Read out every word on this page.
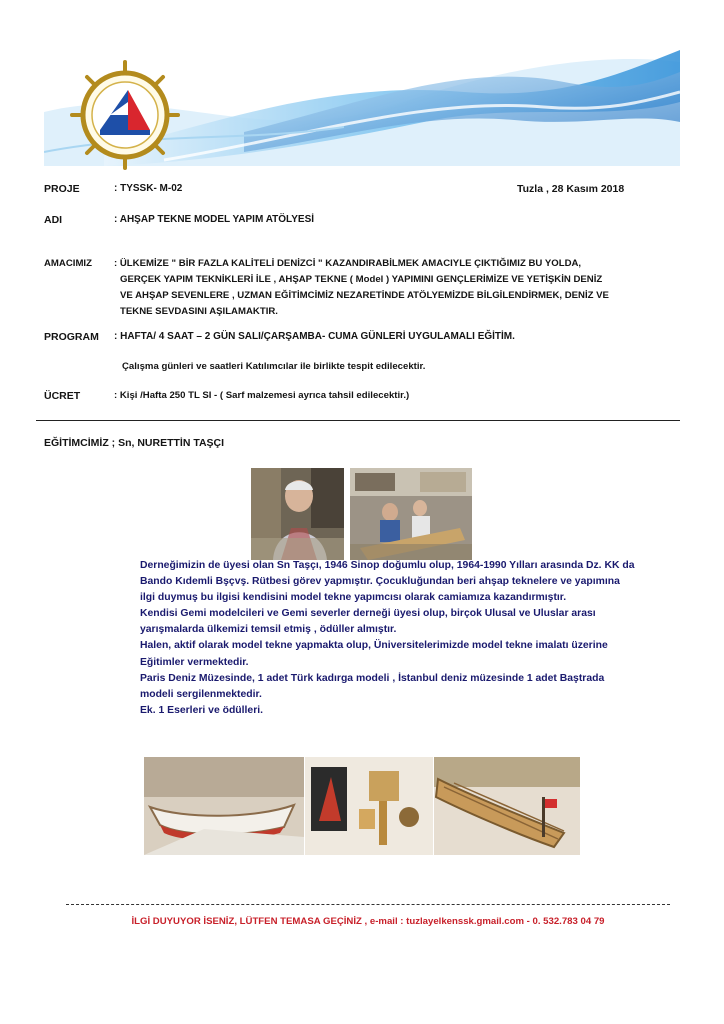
PROJE	: TYSSK- M-02	Tuzla , 28 Kasım 2018
ADI	: AHŞAP TEKNE MODEL YAPIM ATÖLYESİ
AMACIMIZ : ÜLKEMİZE " BİR FAZLA KALİTELİ DENİZCİ " KAZANDIRABİLMEK AMACIYLE ÇIKTIĞIMIZ BU YOLDA,
GERÇEK YAPIM TEKNİKLERİ İLE , AHŞAP TEKNE ( Model ) YAPIMINI GENÇLERİMİZE VE YETİŞKİN DENİZ
VE AHŞAP SEVENLERE , UZMAN EĞİTİMCİMİZ NEZARETİNDE ATÖLYEMİZDE BİLGİLENDİRMEK, DENİZ VE
TEKNE SEVDASINI AŞILAMAKTIR.
PROGRAM : HAFTA/ 4 SAAT – 2 GÜN SALI/ÇARŞAMBA- CUMA GÜNLERİ UYGULAMALI EĞİTİM.
Çalışma günleri ve saatleri Katılımcılar ile birlikte tespit edilecektir.
ÜCRET	: Kişi /Hafta 250 TL SI - ( Sarf malzemesi ayrıca tahsil edilecektir.)
EĞİTİMCİMİZ ; Sn, NURETTİN TAŞÇI
Derneğimizin de üyesi olan Sn Taşçı, 1946 Sinop doğumlu olup, 1964-1990 Yılları arasında Dz. KK da
Bando Kıdemli Bşçvş. Rütbesi görev yapmıştır. Çocukluğundan beri ahşap teknelere ve yapımına
ilgi duymuş bu ilgisi kendisini model tekne yapımcısı olarak camiamıza kazandırmıştır.
Kendisi Gemi modelcileri ve Gemi severler derneği üyesi olup, birçok Ulusal ve Uluslar arası
yarışmalarda ülkemizi temsil etmiş , ödüller almıştır.
Halen, aktif olarak model tekne yapmakta olup, Üniversitelerimizde model tekne imalatı üzerine
Eğitimler vermektedir.
Paris Deniz Müzesinde, 1 adet Türk kadırga modeli , İstanbul deniz müzesinde 1 adet Baştrada
modeli sergilenmektedir.
Ek. 1 Eserleri ve ödülleri.
İLGİ DUYUYOR İSENİZ, LÜTFEN TEMASA GEÇİNİZ , e-mail : tuzlayelkenssk.gmail.com - 0. 532.783 04 79
